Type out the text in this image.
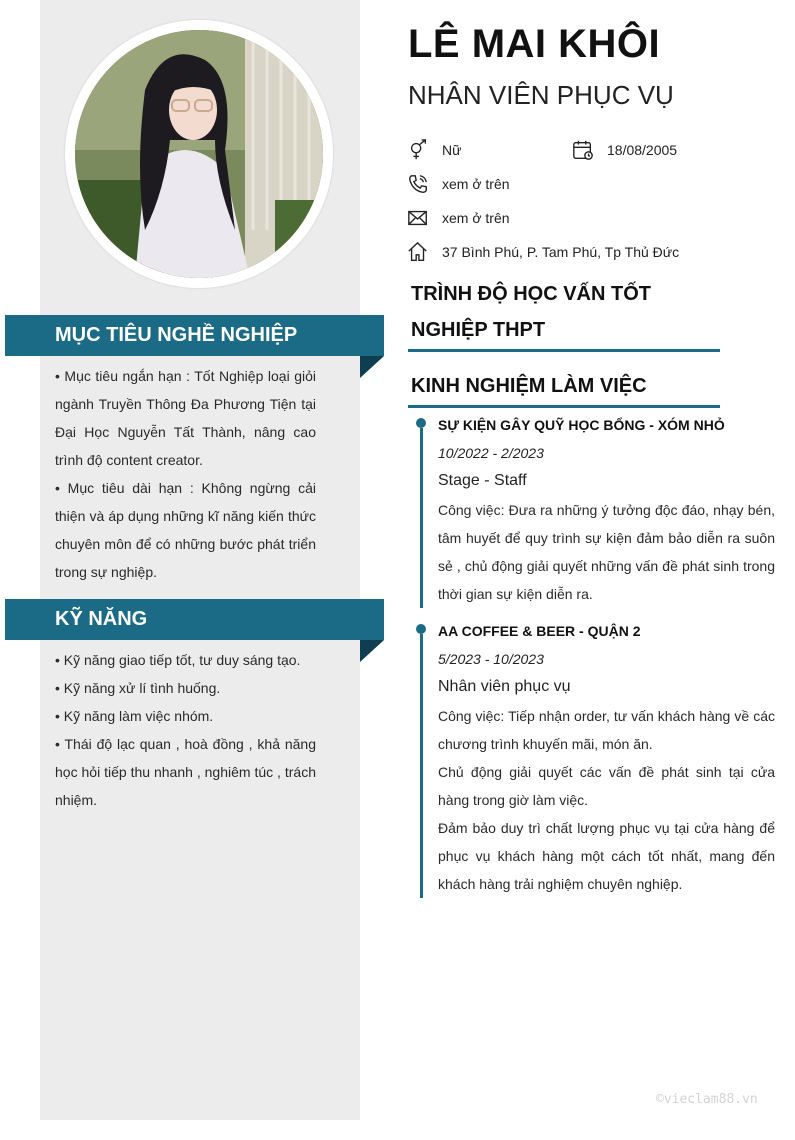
MỤC TIÊU NGHỀ NGHIỆP

• Mục tiêu ngắn hạn : Tốt Nghiệp loại giỏi ngành Truyền Thông Đa Phương Tiện tại Đại Học Nguyễn Tất Thành, nâng cao trình độ content creator.

• Mục tiêu dài hạn : Không ngừng cải thiện và áp dụng những kĩ năng kiến thức chuyên môn để có những bước phát triển trong sự nghiệp.

KỸ NĂNG

• Kỹ năng giao tiếp tốt, tư duy sáng tạo.

• Kỹ năng xử lí tình huống.

• Kỹ năng làm việc nhóm.

• Thái độ lạc quan , hoà đồng , khả năng học hỏi tiếp thu nhanh , nghiêm túc , trách nhiệm.

LÊ MAI KHÔI
NHÂN VIÊN PHỤC VỤ
Nữ	18/08/2005
xem ở trên
xem ở trên
37 Bình Phú, P. Tam Phú, Tp Thủ Đức
TRÌNH ĐỘ HỌC VẤN TỐT
NGHIỆP THPT
KINH NGHIỆM LÀM VIỆC
SỰ KIỆN GÂY QUỸ HỌC BỔNG - XÓM NHỎ
10/2022 - 2/2023
Stage - Staff

Công việc: Đưa ra những ý tưởng độc đáo, nhạy bén, tâm huyết để quy trình sự kiện đảm bảo diễn ra suôn sẻ , chủ động giải quyết những vấn đề phát sinh trong thời gian sự kiện diễn ra.

AA COFFEE & BEER - QUẬN 2
5/2023 - 10/2023
Nhân viên phục vụ

Công việc: Tiếp nhận order, tư vấn khách hàng về các chương trình khuyến mãi, món ăn.

Chủ động giải quyết các vấn đề phát sinh tại cửa hàng trong giờ làm việc.

Đảm bảo duy trì chất lượng phục vụ tại cửa hàng để phục vụ khách hàng một cách tốt nhất, mang đến khách hàng trải nghiệm chuyên nghiệp.

©vieclam88.vn
